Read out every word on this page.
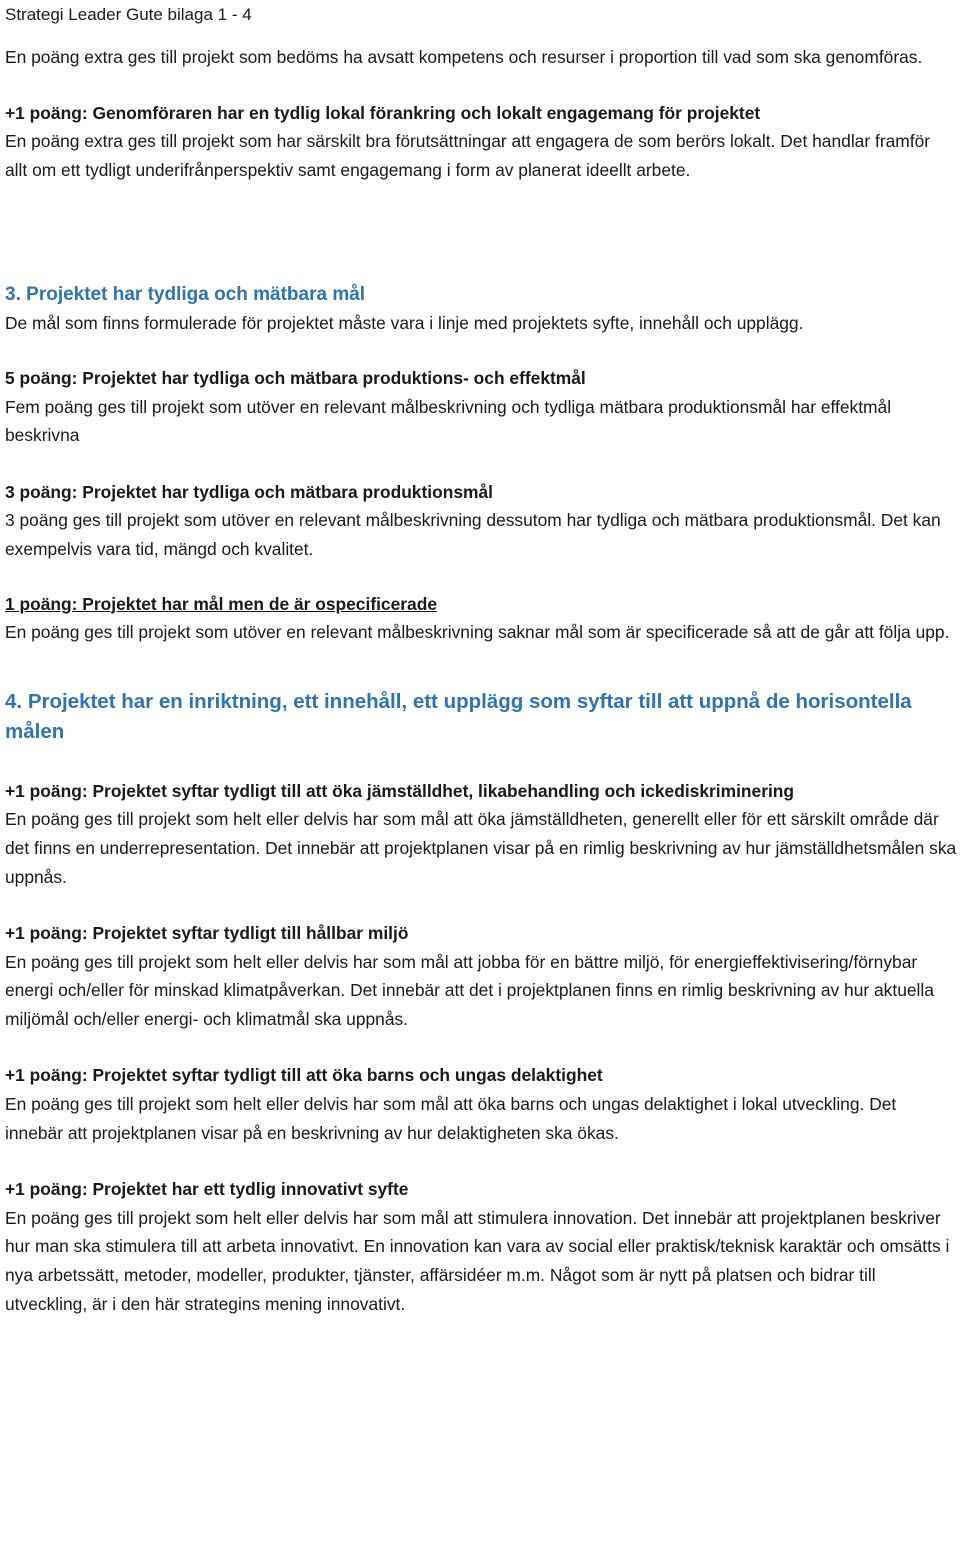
Strategi Leader Gute bilaga 1 - 4

En poäng extra ges till projekt som bedöms ha avsatt kompetens och resurser i proportion till vad som ska genomföras.

+1 poäng: Genomföraren har en tydlig lokal förankring och lokalt engagemang för projektet

En poäng extra ges till projekt som har särskilt bra förutsättningar att engagera de som berörs lokalt. Det handlar framför allt om ett tydligt underifrånperspektiv samt engagemang i form av planerat ideellt arbete.

3. Projektet har tydliga och mätbara mål

De mål som finns formulerade för projektet måste vara i linje med projektets syfte, innehåll och upplägg.

5 poäng: Projektet har tydliga och mätbara produktions- och effektmål

Fem poäng ges till projekt som utöver en relevant målbeskrivning och tydliga mätbara produktionsmål har effektmål beskrivna

3 poäng: Projektet har tydliga och mätbara produktionsmål

3 poäng ges till projekt som utöver en relevant målbeskrivning dessutom har tydliga och mätbara produktionsmål. Det kan exempelvis vara tid, mängd och kvalitet.

1 poäng: Projektet har mål men de är ospecificerade

En poäng ges till projekt som utöver en relevant målbeskrivning saknar mål som är specificerade så att de går att följa upp.

4. Projektet har en inriktning, ett innehåll, ett upplägg som syftar till att uppnå de horisontella målen

+1 poäng: Projektet syftar tydligt till att öka jämställdhet, likabehandling och ickediskriminering

En poäng ges till projekt som helt eller delvis har som mål att öka jämställdheten, generellt eller för ett särskilt område där det finns en underrepresentation. Det innebär att projektplanen visar på en rimlig beskrivning av hur jämställdhetsmålen ska uppnås.

+1 poäng: Projektet syftar tydligt till hållbar miljö

En poäng ges till projekt som helt eller delvis har som mål att jobba för en bättre miljö, för energieffektivisering/förnybar energi och/eller för minskad klimatpåverkan. Det innebär att det i projektplanen finns en rimlig beskrivning av hur aktuella miljömål och/eller energi- och klimatmål ska uppnås.

+1 poäng: Projektet syftar tydligt till att öka barns och ungas delaktighet

En poäng ges till projekt som helt eller delvis har som mål att öka barns och ungas delaktighet i lokal utveckling. Det innebär att projektplanen visar på en beskrivning av hur delaktigheten ska ökas.

+1 poäng: Projektet har ett tydlig innovativt syfte

En poäng ges till projekt som helt eller delvis har som mål att stimulera innovation. Det innebär att projektplanen beskriver hur man ska stimulera till att arbeta innovativt. En innovation kan vara av social eller praktisk/teknisk karaktär och omsätts i nya arbetssätt, metoder, modeller, produkter, tjänster, affärsidéer m.m. Något som är nytt på platsen och bidrar till utveckling, är i den här strategins mening innovativt.
